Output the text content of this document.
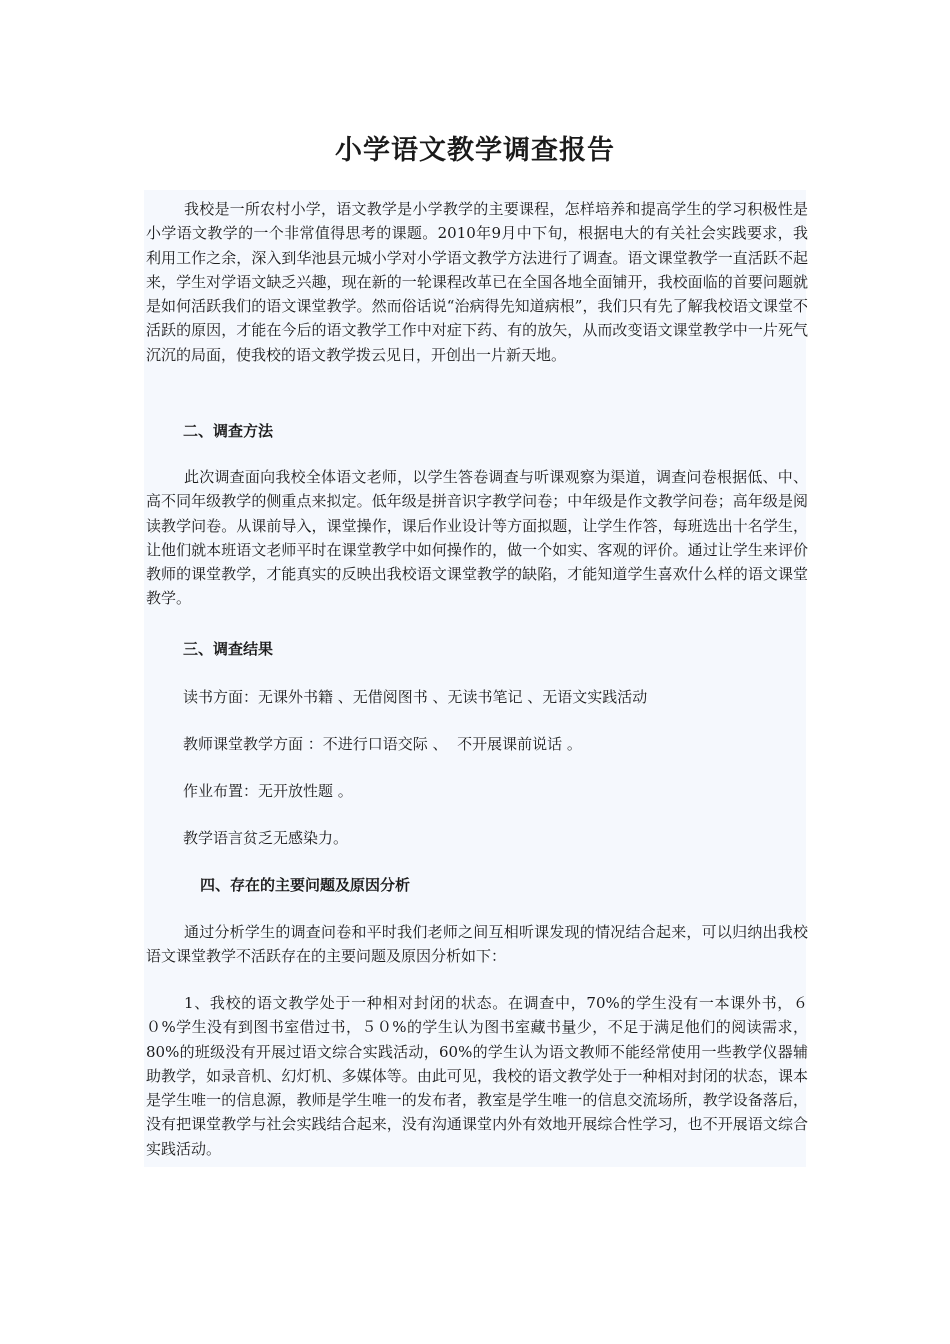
小学语文教学调查报告

我校是一所农村小学，语文教学是小学教学的主要课程，怎样培养和提高学生的学习积极性是小学语文教学的一个非常值得思考的课题。2010年9月中下旬，根据电大的有关社会实践要求，我利用工作之余，深入到华池县元城小学对小学语文教学方法进行了调查。语文课堂教学一直活跃不起来，学生对学语文缺乏兴趣，现在新的一轮课程改革已在全国各地全面铺开，我校面临的首要问题就是如何活跃我们的语文课堂教学。然而俗话说“治病得先知道病根”，我们只有先了解我校语文课堂不活跃的原因，才能在今后的语文教学工作中对症下药、有的放矢，从而改变语文课堂教学中一片死气沉沉的局面，使我校的语文教学拨云见日，开创出一片新天地。

二、调查方法

此次调查面向我校全体语文老师，以学生答卷调查与听课观察为渠道，调查问卷根据低、中、高不同年级教学的侧重点来拟定。低年级是拼音识字教学问卷；中年级是作文教学问卷；高年级是阅读教学问卷。从课前导入，课堂操作，课后作业设计等方面拟题，让学生作答，每班选出十名学生，让他们就本班语文老师平时在课堂教学中如何操作的，做一个如实、客观的评价。通过让学生来评价教师的课堂教学，才能真实的反映出我校语文课堂教学的缺陷，才能知道学生喜欢什么样的语文课堂教学。

三、调查结果

读书方面：无课外书籍 、无借阅图书 、无读书笔记 、无语文实践活动

教师课堂教学方面 ：不进行口语交际 、  不开展课前说话 。

作业布置：无开放性题 。

教学语言贫乏无感染力。

四、存在的主要问题及原因分析

通过分析学生的调查问卷和平时我们老师之间互相听课发现的情况结合起来，可以归纳出我校语文课堂教学不活跃存在的主要问题及原因分析如下：

1、我校的语文教学处于一种相对封闭的状态。在调查中，70%的学生没有一本课外书，６０%学生没有到图书室借过书，５０%的学生认为图书室藏书量少，不足于满足他们的阅读需求，80%的班级没有开展过语文综合实践活动，60%的学生认为语文教师不能经常使用一些教学仪器辅助教学，如录音机、幻灯机、多媒体等。由此可见，我校的语文教学处于一种相对封闭的状态，课本是学生唯一的信息源，教师是学生唯一的发布者，教室是学生唯一的信息交流场所，教学设备落后，没有把课堂教学与社会实践结合起来，没有沟通课堂内外有效地开展综合性学习，也不开展语文综合实践活动。
